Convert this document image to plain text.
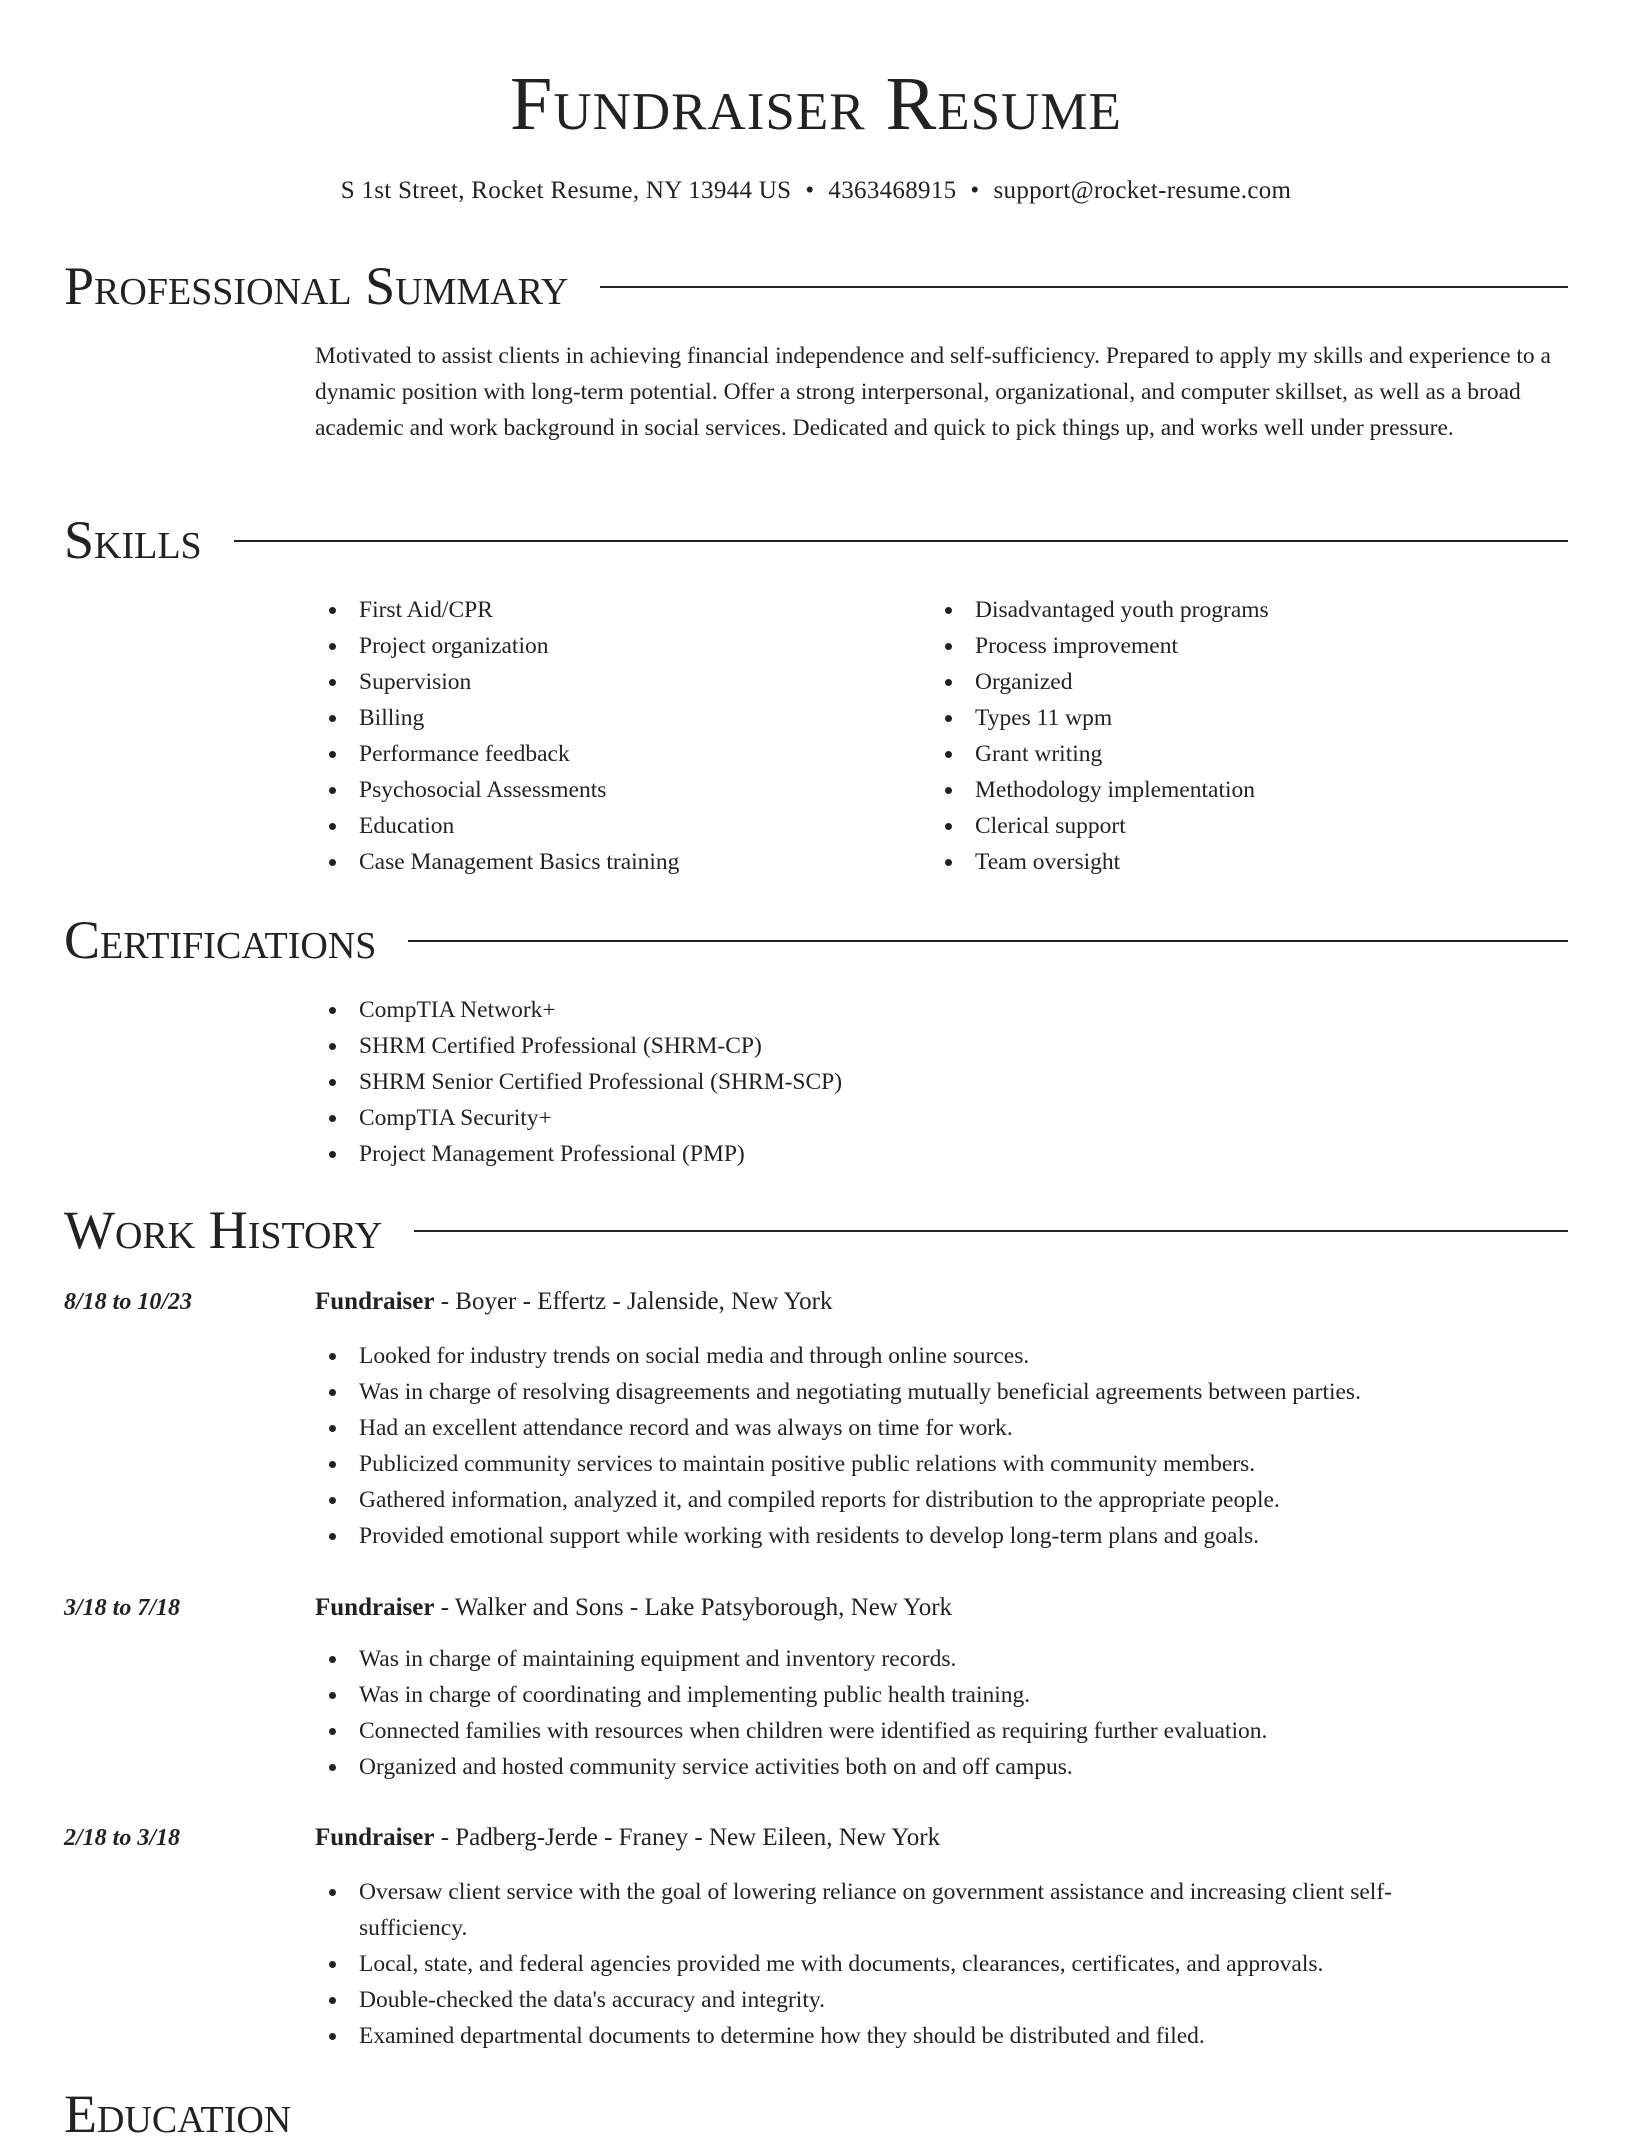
Fundraiser Resume
S 1st Street, Rocket Resume, NY 13944 US • 4363468915 • support@rocket-resume.com
Professional Summary
Motivated to assist clients in achieving financial independence and self-sufficiency. Prepared to apply my skills and experience to a dynamic position with long-term potential. Offer a strong interpersonal, organizational, and computer skillset, as well as a broad academic and work background in social services. Dedicated and quick to pick things up, and works well under pressure.
Skills
First Aid/CPR
Project organization
Supervision
Billing
Performance feedback
Psychosocial Assessments
Education
Case Management Basics training
Disadvantaged youth programs
Process improvement
Organized
Types 11 wpm
Grant writing
Methodology implementation
Clerical support
Team oversight
Certifications
CompTIA Network+
SHRM Certified Professional (SHRM-CP)
SHRM Senior Certified Professional (SHRM-SCP)
CompTIA Security+
Project Management Professional (PMP)
Work History
8/18 to 10/23	Fundraiser - Boyer - Effertz - Jalenside, New York
Looked for industry trends on social media and through online sources.
Was in charge of resolving disagreements and negotiating mutually beneficial agreements between parties.
Had an excellent attendance record and was always on time for work.
Publicized community services to maintain positive public relations with community members.
Gathered information, analyzed it, and compiled reports for distribution to the appropriate people.
Provided emotional support while working with residents to develop long-term plans and goals.
3/18 to 7/18	Fundraiser - Walker and Sons - Lake Patsyborough, New York
Was in charge of maintaining equipment and inventory records.
Was in charge of coordinating and implementing public health training.
Connected families with resources when children were identified as requiring further evaluation.
Organized and hosted community service activities both on and off campus.
2/18 to 3/18	Fundraiser - Padberg-Jerde - Franey - New Eileen, New York
Oversaw client service with the goal of lowering reliance on government assistance and increasing client self-sufficiency.
Local, state, and federal agencies provided me with documents, clearances, certificates, and approvals.
Double-checked the data's accuracy and integrity.
Examined departmental documents to determine how they should be distributed and filed.
Education
